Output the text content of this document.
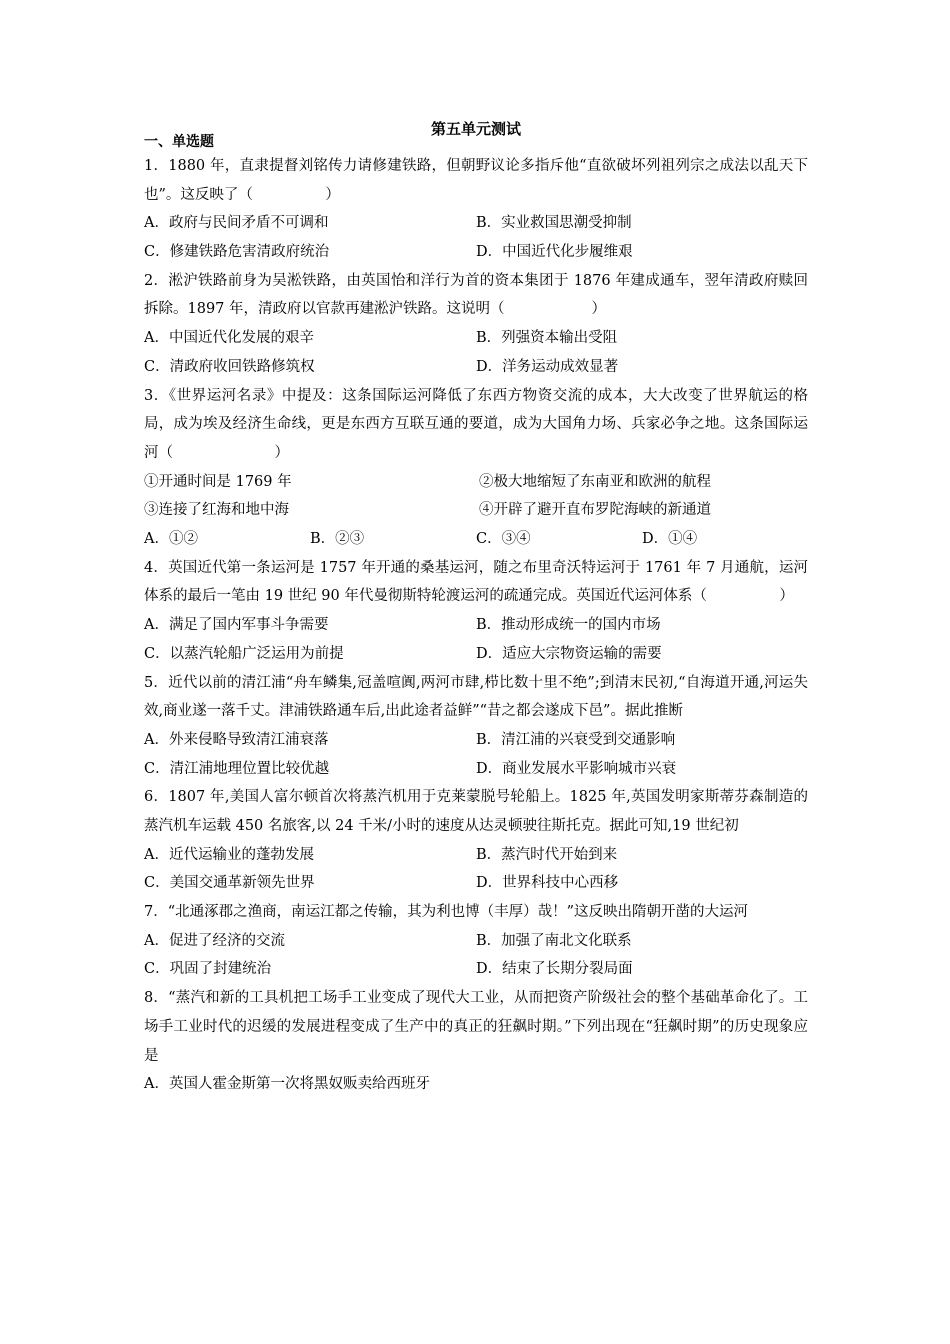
第五单元测试
一、单选题
1．1880 年，直隶提督刘铭传力请修建铁路，但朝野议论多指斥他“直欲破坏列祖列宗之成法以乱天下也”。这反映了（　　　　　）
A．政府与民间矛盾不可调和	B．实业救国思潮受抑制
C．修建铁路危害清政府统治	D．中国近代化步履维艰
2．淞沪铁路前身为吴淞铁路，由英国怡和洋行为首的资本集团于 1876 年建成通车，翌年清政府赎回拆除。1897 年，清政府以官款再建淞沪铁路。这说明（　　　　　　）
A．中国近代化发展的艰辛	B．列强资本输出受阻
C．清政府收回铁路修筑权	D．洋务运动成效显著
3．《世界运河名录》中提及：这条国际运河降低了东西方物资交流的成本，大大改变了世界航运的格局，成为埃及经济生命线，更是东西方互联互通的要道，成为大国角力场、兵家必争之地。这条国际运河（　　　　　　　）
①开通时间是 1769 年	②极大地缩短了东南亚和欧洲的航程
③连接了红海和地中海	④开辟了避开直布罗陀海峡的新通道
A．①②	B．②③	C．③④	D．①④
4．英国近代第一条运河是 1757 年开通的桑基运河，随之布里奇沃特运河于 1761 年 7 月通航，运河体系的最后一笔由 19 世纪 90 年代曼彻斯特轮渡运河的疏通完成。英国近代运河体系（　　　　　）
A．满足了国内军事斗争需要	B．推动形成统一的国内市场
C．以蒸汽轮船广泛运用为前提	D．适应大宗物资运输的需要
5．近代以前的清江浦“舟车鳞集,冠盖喧阗,两河市肆,栉比数十里不绝”;到清末民初,“自海道开通,河运失效,商业遂一落千丈。津浦铁路通车后,出此途者益鲜”“昔之都会遂成下邑”。据此推断
A．外来侵略导致清江浦衰落	B．清江浦的兴衰受到交通影响
C．清江浦地理位置比较优越	D．商业发展水平影响城市兴衰
6．1807 年,美国人富尔顿首次将蒸汽机用于克莱蒙脱号轮船上。1825 年,英国发明家斯蒂芬森制造的蒸汽机车运载 450 名旅客,以 24 千米/小时的速度从达灵顿驶往斯托克。据此可知,19 世纪初
A．近代运输业的蓬勃发展	B．蒸汽时代开始到来
C．美国交通革新领先世界	D．世界科技中心西移
7．“北通涿郡之渔商，南运江都之传输，其为利也博（丰厚）哉！”这反映出隋朝开凿的大运河
A．促进了经济的交流	B．加强了南北文化联系
C．巩固了封建统治	D．结束了长期分裂局面
8．“蒸汽和新的工具机把工场手工业变成了现代大工业，从而把资产阶级社会的整个基础革命化了。工场手工业时代的迟缓的发展进程变成了生产中的真正的狂飙时期。”下列出现在“狂飙时期”的历史现象应是
A．英国人霍金斯第一次将黑奴贩卖给西班牙
